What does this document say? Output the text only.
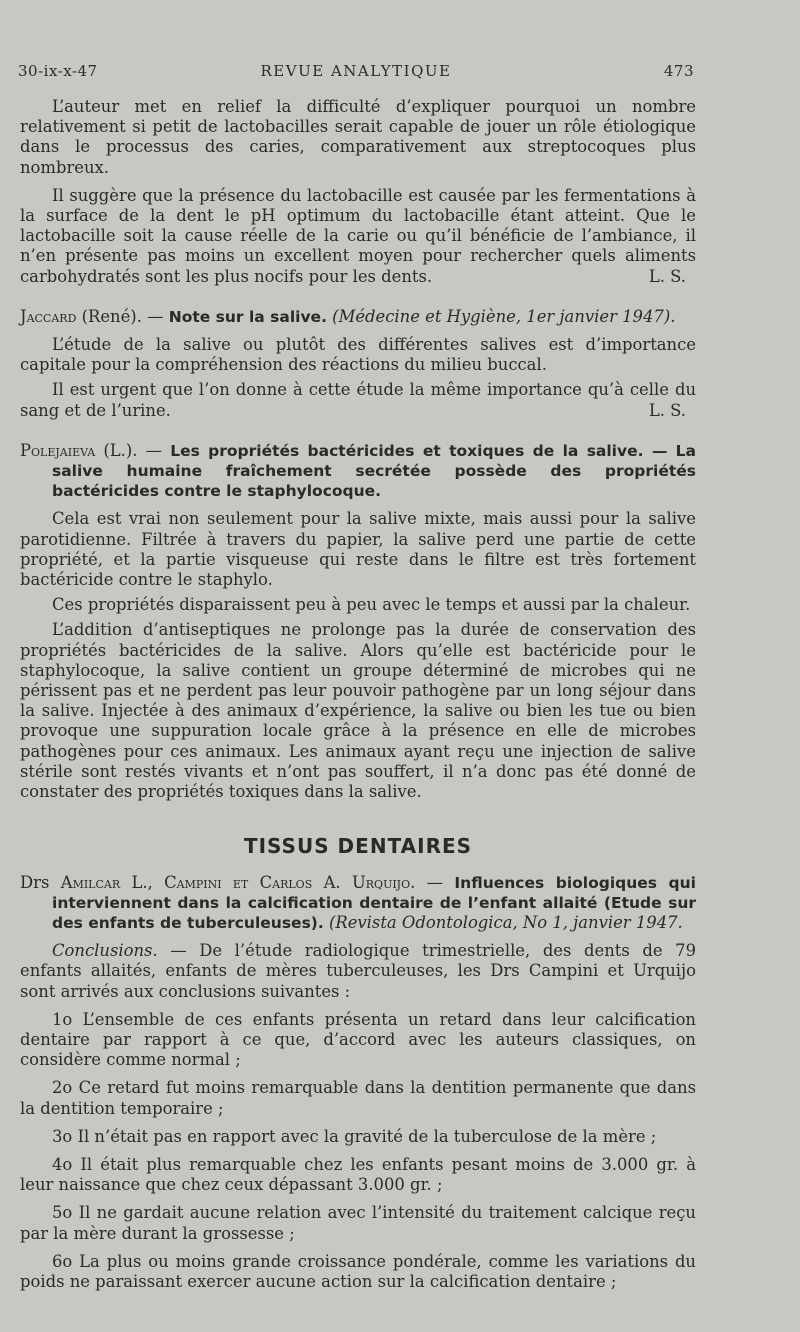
30-ix-x-47	REVUE ANALYTIQUE	473

L’auteur met en relief la difficulté d’expliquer pourquoi un nombre relativement si petit de lactobacilles serait capable de jouer un rôle étiologique dans le processus des caries, comparativement aux streptocoques plus nombreux.

Il suggère que la présence du lactobacille est causée par les fermentations à la surface de la dent le pH optimum du lactobacille étant atteint. Que le lactobacille soit la cause réelle de la carie ou qu’il bénéficie de l’ambiance, il n’en présente pas moins un excellent moyen pour rechercher quels aliments carbohydratés sont les plus nocifs pour les dents.	L. S.

Jaccard (René). — Note sur la salive. (Médecine et Hygiène, 1er janvier 1947).

L’étude de la salive ou plutôt des différentes salives est d’importance capitale pour la compréhension des réactions du milieu buccal.

Il est urgent que l’on donne à cette étude la même importance qu’à celle du sang et de l’urine.	L. S.

Polejaieva (L.). — Les propriétés bactéricides et toxiques de la salive. — La salive humaine fraîchement secrétée possède des propriétés bactéricides contre le staphylocoque.

Cela est vrai non seulement pour la salive mixte, mais aussi pour la salive parotidienne. Filtrée à travers du papier, la salive perd une partie de cette propriété, et la partie visqueuse qui reste dans le filtre est très fortement bactéricide contre le staphylo.

Ces propriétés disparaissent peu à peu avec le temps et aussi par la chaleur.

L’addition d’antiseptiques ne prolonge pas la durée de conservation des propriétés bactéricides de la salive. Alors qu’elle est bactéricide pour le staphylocoque, la salive contient un groupe déterminé de microbes qui ne périssent pas et ne perdent pas leur pouvoir pathogène par un long séjour dans la salive. Injectée à des animaux d’expérience, la salive ou bien les tue ou bien provoque une suppuration locale grâce à la présence en elle de microbes pathogènes pour ces animaux. Les animaux ayant reçu une injection de salive stérile sont restés vivants et n’ont pas souffert, il n’a donc pas été donné de constater des propriétés toxiques dans la salive.

TISSUS DENTAIRES

Drs Amilcar L., Campini et Carlos A. Urquijo. — Influences biologiques qui interviennent dans la calcification dentaire de l’enfant allaité (Etude sur des enfants de tuberculeuses). (Revista Odontologica, No 1, janvier 1947.

Conclusions. — De l’étude radiologique trimestrielle, des dents de 79 enfants allaités, enfants de mères tuberculeuses, les Drs Campini et Urquijo sont arrivés aux conclusions suivantes :

1o L’ensemble de ces enfants présenta un retard dans leur calcification dentaire par rapport à ce que, d’accord avec les auteurs classiques, on considère comme normal ;

2o Ce retard fut moins remarquable dans la dentition permanente que dans la dentition temporaire ;

3o Il n’était pas en rapport avec la gravité de la tuberculose de la mère ;

4o Il était plus remarquable chez les enfants pesant moins de 3.000 gr. à leur naissance que chez ceux dépassant 3.000 gr. ;

5o Il ne gardait aucune relation avec l’intensité du traitement calcique reçu par la mère durant la grossesse ;

6o La plus ou moins grande croissance pondérale, comme les variations du poids ne paraissant exercer aucune action sur la calcification dentaire ;
